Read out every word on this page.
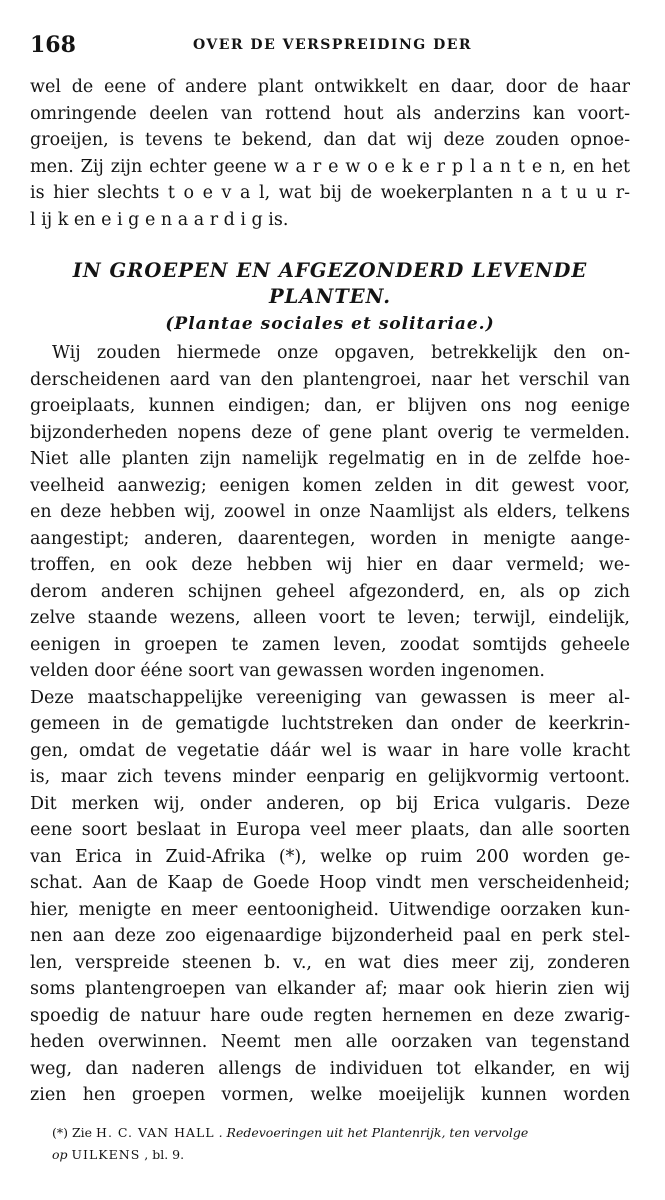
168	OVER DE VERSPREIDING DER
wel de eene of andere plant ontwikkelt en daar, door de haar
omringende deelen van rottend hout als anderzins kan voort-
groeijen, is tevens te bekend, dan dat wij deze zouden opnoe-
men. Zij zijn echter geene w a r e w o e k e r p l a n t e n, en het
is hier slechts t o e v a l, wat bij de woekerplanten n a t u u r-
l ij k en e i g e n a a r d i g is.
IN GROEPEN EN AFGEZONDERD LEVENDE
PLANTEN.
(Plantae sociales et solitariae.)
Wij zouden hiermede onze opgaven, betrekkelijk den on-
derscheidenen aard van den plantengroei, naar het verschil van
groeiplaats, kunnen eindigen; dan, er blijven ons nog eenige
bijzonderheden nopens deze of gene plant overig te vermelden.
Niet alle planten zijn namelijk regelmatig en in de zelfde hoe-
veelheid aanwezig; eenigen komen zelden in dit gewest voor,
en deze hebben wij, zoowel in onze Naamlijst als elders, telkens
aangestipt; anderen, daarentegen, worden in menigte aange-
troffen, en ook deze hebben wij hier en daar vermeld; we-
derom anderen schijnen geheel afgezonderd, en, als op zich
zelve staande wezens, alleen voort te leven; terwijl, eindelijk,
eenigen in groepen te zamen leven, zoodat somtijds geheele
velden door ééne soort van gewassen worden ingenomen.
Deze maatschappelijke vereeniging van gewassen is meer al-
gemeen in de gematigde luchtstreken dan onder de keerkrin-
gen, omdat de vegetatie dáár wel is waar in hare volle kracht
is, maar zich tevens minder eenparig en gelijkvormig vertoont.
Dit merken wij, onder anderen, op bij Erica vulgaris. Deze
eene soort beslaat in Europa veel meer plaats, dan alle soorten
van Erica in Zuid-Afrika (*), welke op ruim 200 worden ge-
schat. Aan de Kaap de Goede Hoop vindt men verscheidenheid;
hier, menigte en meer eentoonigheid. Uitwendige oorzaken kun-
nen aan deze zoo eigenaardige bijzonderheid paal en perk stel-
len, verspreide steenen b. v., en wat dies meer zij, zonderen
soms plantengroepen van elkander af; maar ook hierin zien wij
spoedig de natuur hare oude regten hernemen en deze zwarig-
heden overwinnen. Neemt men alle oorzaken van tegenstand
weg, dan naderen allengs de individuen tot elkander, en wij
zien hen groepen vormen, welke moeijelijk kunnen worden
(*) Zie H. C. VAN HALL . Redevoeringen uit het Plantenrijk, ten vervolge
op UILKENS , bl. 9.
